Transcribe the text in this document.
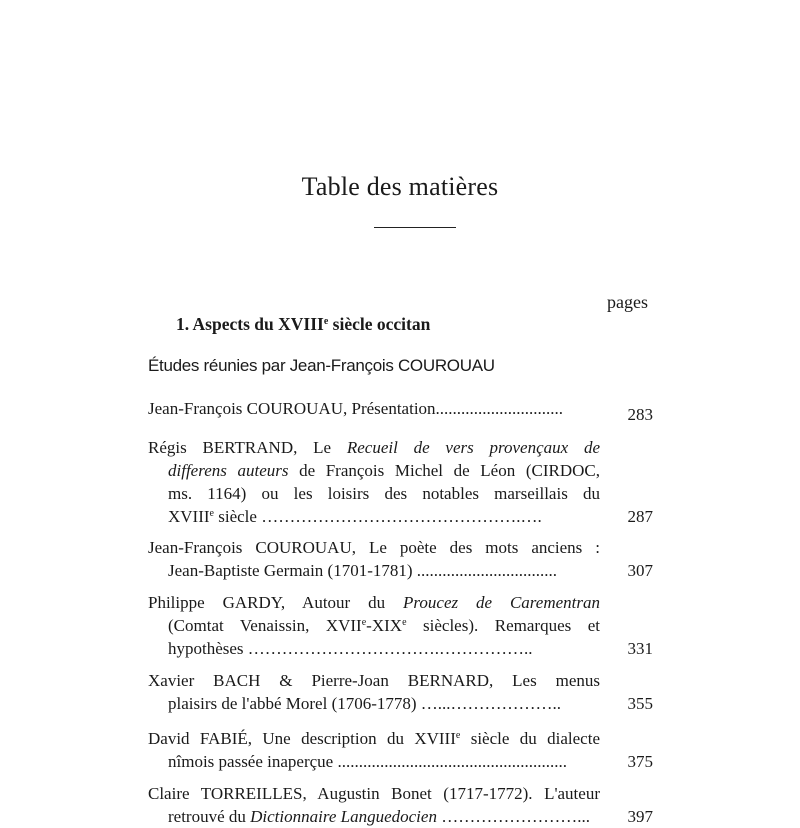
Table des matières
pages
1. Aspects du XVIIIe siècle occitan
Études réunies par Jean-François COUROUAU
Jean-François COUROUAU, Présentation..............................	283
Régis BERTRAND, Le Recueil de vers provençaux de
differens auteurs de François Michel de Léon (CIRDOC,
ms. 1164) ou les loisirs des notables marseillais du
XVIIIe siècle ……………………………………….….	287
Jean-François COUROUAU, Le poète des mots anciens :
Jean-Baptiste Germain (1701-1781) .................................	307
Philippe GARDY, Autour du Proucez de Carementran
(Comtat Venaissin, XVIIe-XIXe siècles). Remarques et
hypothèses …………………………….……………..	331
Xavier BACH & Pierre-Joan BERNARD, Les menus
plaisirs de l'abbé Morel (1706-1778) …...………………..	355
David FABIÉ, Une description du XVIIIe siècle du dialecte
nîmois passée inaperçue ......................................................	375
Claire TORREILLES, Augustin Bonet (1717-1772). L'auteur
retrouvé du Dictionnaire Languedocien ……………………...	397
